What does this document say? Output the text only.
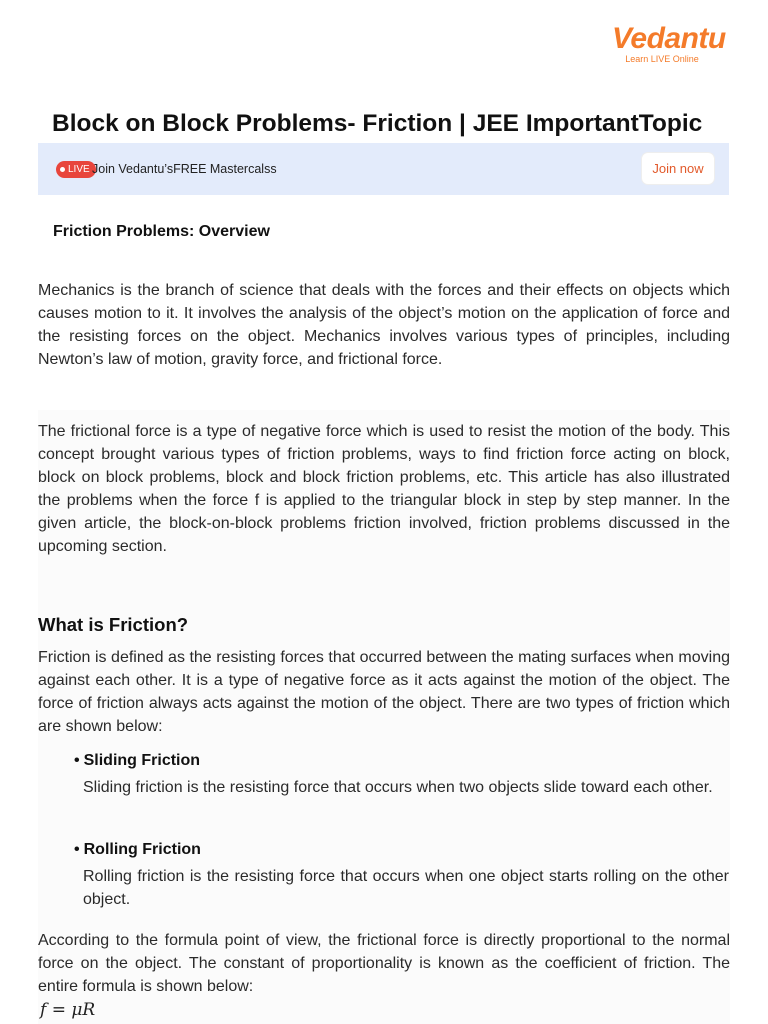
Vedantu
Learn LIVE Online
Block on Block Problems- Friction | JEE ImportantTopic
LIVE Join Vedantu’sFREE Mastercalss	Join now
Friction Problems: Overview

Mechanics is the branch of science that deals with the forces and their effects on objects which causes motion to it. It involves the analysis of the object’s motion on the application of force and the resisting forces on the object. Mechanics involves various types of principles, including Newton’s law of motion, gravity force, and frictional force.

The frictional force is a type of negative force which is used to resist the motion of the body. This concept brought various types of friction problems, ways to find friction force acting on block, block on block problems, block and block friction problems, etc. This article has also illustrated the problems when the force f is applied to the triangular block in step by step manner. In the given article, the block-on-block problems friction involved, friction problems discussed in the upcoming section.

What is Friction?

Friction is defined as the resisting forces that occurred between the mating surfaces when moving against each other. It is a type of negative force as it acts against the motion of the object. The force of friction always acts against the motion of the object. There are two types of friction which are shown below:

• Sliding Friction

Sliding friction is the resisting force that occurs when two objects slide toward each other.

• Rolling Friction

Rolling friction is the resisting force that occurs when one object starts rolling on the other object.

According to the formula point of view, the frictional force is directly proportional to the normal force on the object. The constant of proportionality is known as the coefficient of friction. The entire formula is shown below:

f = μR
